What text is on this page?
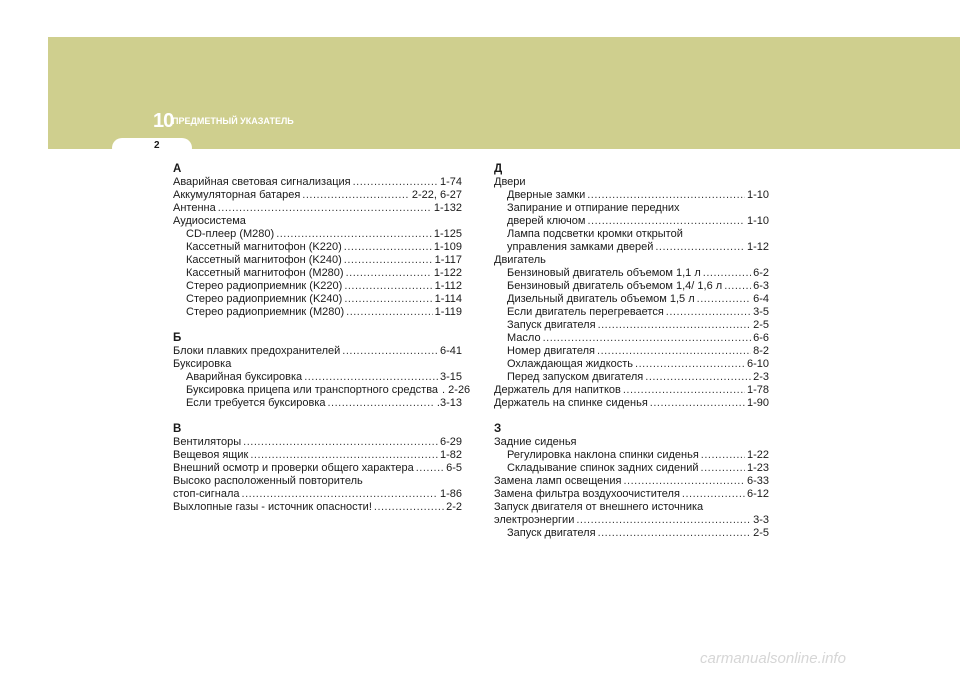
10
ПРЕДМЕТНЫЙ УКАЗАТЕЛЬ
2
А
Аварийная световая сигнализация .....	1-74
Аккумуляторная батарея .....	2-22, 6-27
Антенна .....	1-132
Аудиосистема
CD-плеер (M280) .....	1-125
Кассетный магнитофон (K220) .....	1-109
Кассетный магнитофон (K240) .....	1-117
Кассетный магнитофон (M280) .....	1-122
Стерео радиоприемник (K220) .....	1-112
Стерео радиоприемник (K240) .....	1-114
Стерео радиоприемник (M280) .....	1-119
Б
Блоки плавких предохранителей .....	6-41
Буксировка
Аварийная буксировка .....	3-15
Буксировка прицепа или транспортного средства . 2-26
Если требуется буксировка .....	.3-13
В
Вентиляторы .....	6-29
Вещевоя ящик .....	1-82
Внешний осмотр и проверки общего характера .....	6-5
Высоко расположенный повторитель
стоп-сигнала .....	1-86
Выхлопные газы - источник опасности! .....	2-2
Д
Двери
Дверные замки .....	1-10
Запирание и отпирание передних
дверей ключом .....	1-10
Лампа подсветки кромки открытой
управления замками дверей .....	1-12
Двигатель
Бензиновый двигатель объемом 1,1 л .....	6-2
Бензиновый двигатель объемом 1,4/ 1,6 л .....	6-3
Дизельный двигатель объемом 1,5 л .....	6-4
Если двигатель перегревается .....	3-5
Запуск двигателя .....	2-5
Масло .....	6-6
Номер двигателя .....	8-2
Охлаждающая жидкость .....	6-10
Перед запуском двигателя .....	2-3
Держатель для напитков .....	1-78
Держатель на спинке сиденья .....	1-90
З
Задние сиденья
Регулировка наклона спинки сиденья .....	1-22
Складывание спинок задних сидений .....	1-23
Замена ламп освещения .....	6-33
Замена фильтра воздухоочистителя .....	6-12
Запуск двигателя от внешнего источника
электроэнергии .....	3-3
Запуск двигателя .....	2-5
carmanualsonline.info
